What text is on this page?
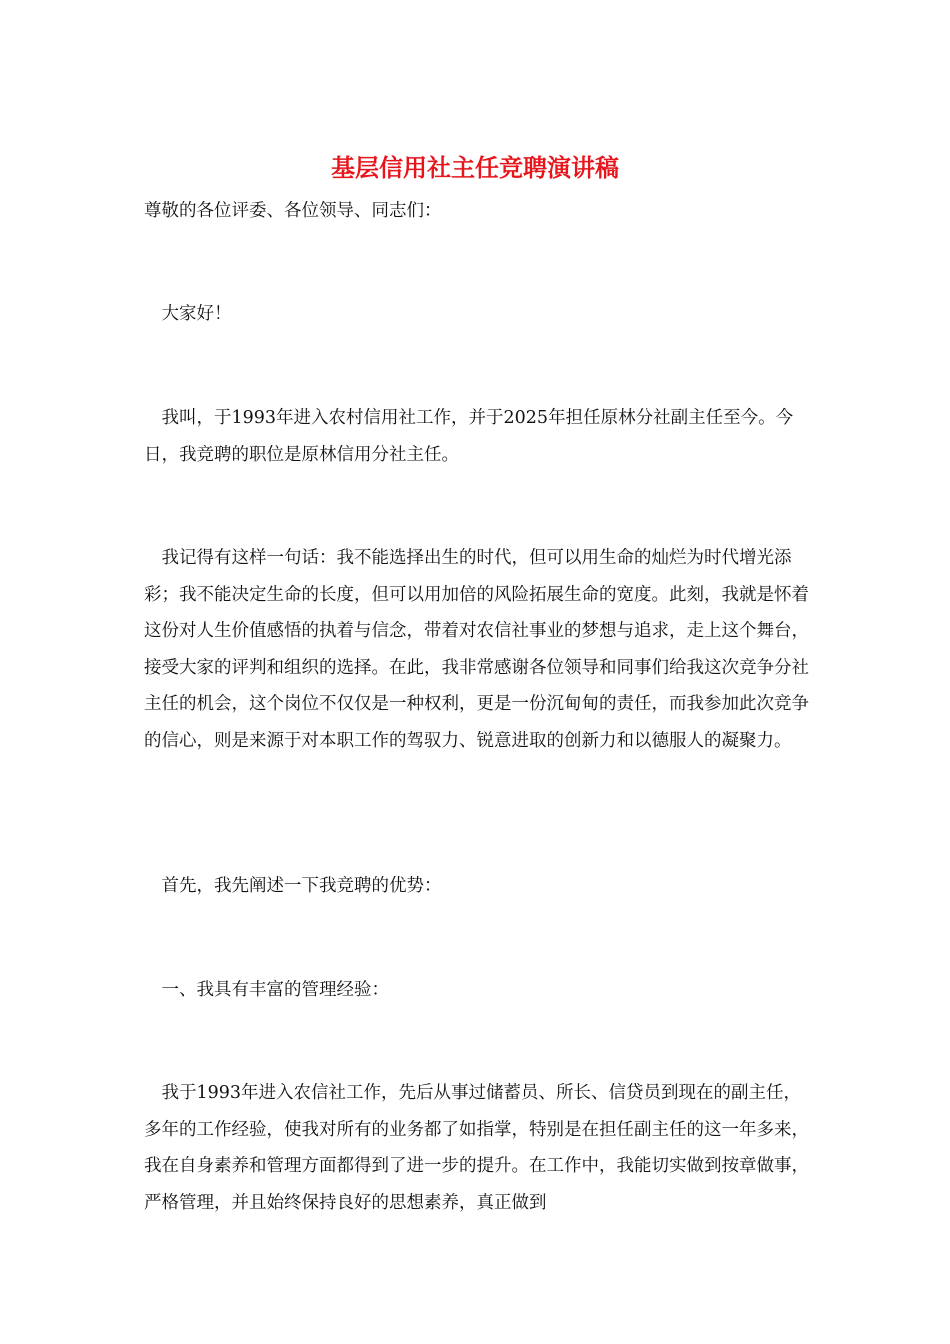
基层信用社主任竞聘演讲稿

尊敬的各位评委、各位领导、同志们：

　大家好！

　我叫，于1993年进入农村信用社工作，并于2025年担任原林分社副主任至今。今日，我竞聘的职位是原林信用分社主任。

　我记得有这样一句话：我不能选择出生的时代，但可以用生命的灿烂为时代增光添彩；我不能决定生命的长度，但可以用加倍的风险拓展生命的宽度。此刻，我就是怀着这份对人生价值感悟的执着与信念，带着对农信社事业的梦想与追求，走上这个舞台，接受大家的评判和组织的选择。在此，我非常感谢各位领导和同事们给我这次竞争分社主任的机会，这个岗位不仅仅是一种权利，更是一份沉甸甸的责任，而我参加此次竞争的信心，则是来源于对本职工作的驾驭力、锐意进取的创新力和以德服人的凝聚力。

　首先，我先阐述一下我竞聘的优势：

　一、我具有丰富的管理经验：

　我于1993年进入农信社工作，先后从事过储蓄员、所长、信贷员到现在的副主任，多年的工作经验，使我对所有的业务都了如指掌，特别是在担任副主任的这一年多来，我在自身素养和管理方面都得到了进一步的提升。在工作中，我能切实做到按章做事，严格管理，并且始终保持良好的思想素养，真正做到
